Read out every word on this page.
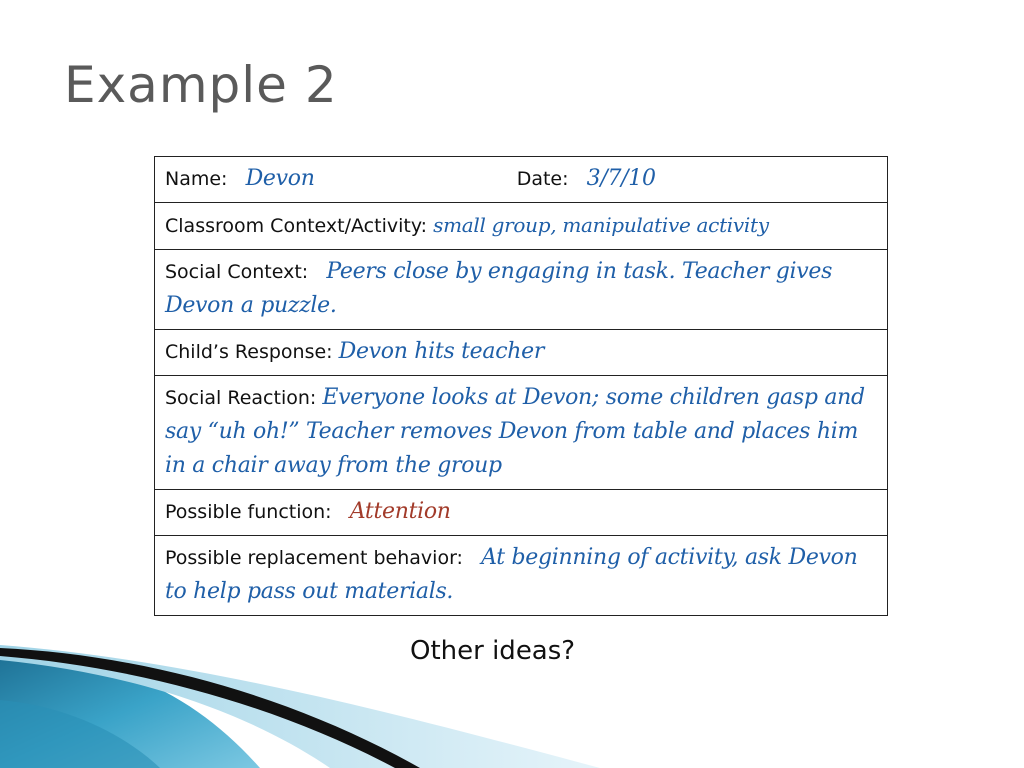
Example 2
Name: Devon	Date: 3/7/10
Classroom Context/Activity: small group, manipulative activity
Social Context: Peers close by engaging in task. Teacher gives Devon a puzzle.
Child’s Response: Devon hits teacher
Social Reaction: Everyone looks at Devon; some children gasp and say “uh oh!” Teacher removes Devon from table and places him in a chair away from the group
Possible function: Attention
Possible replacement behavior: At beginning of activity, ask Devon to help pass out materials.
Other ideas?
